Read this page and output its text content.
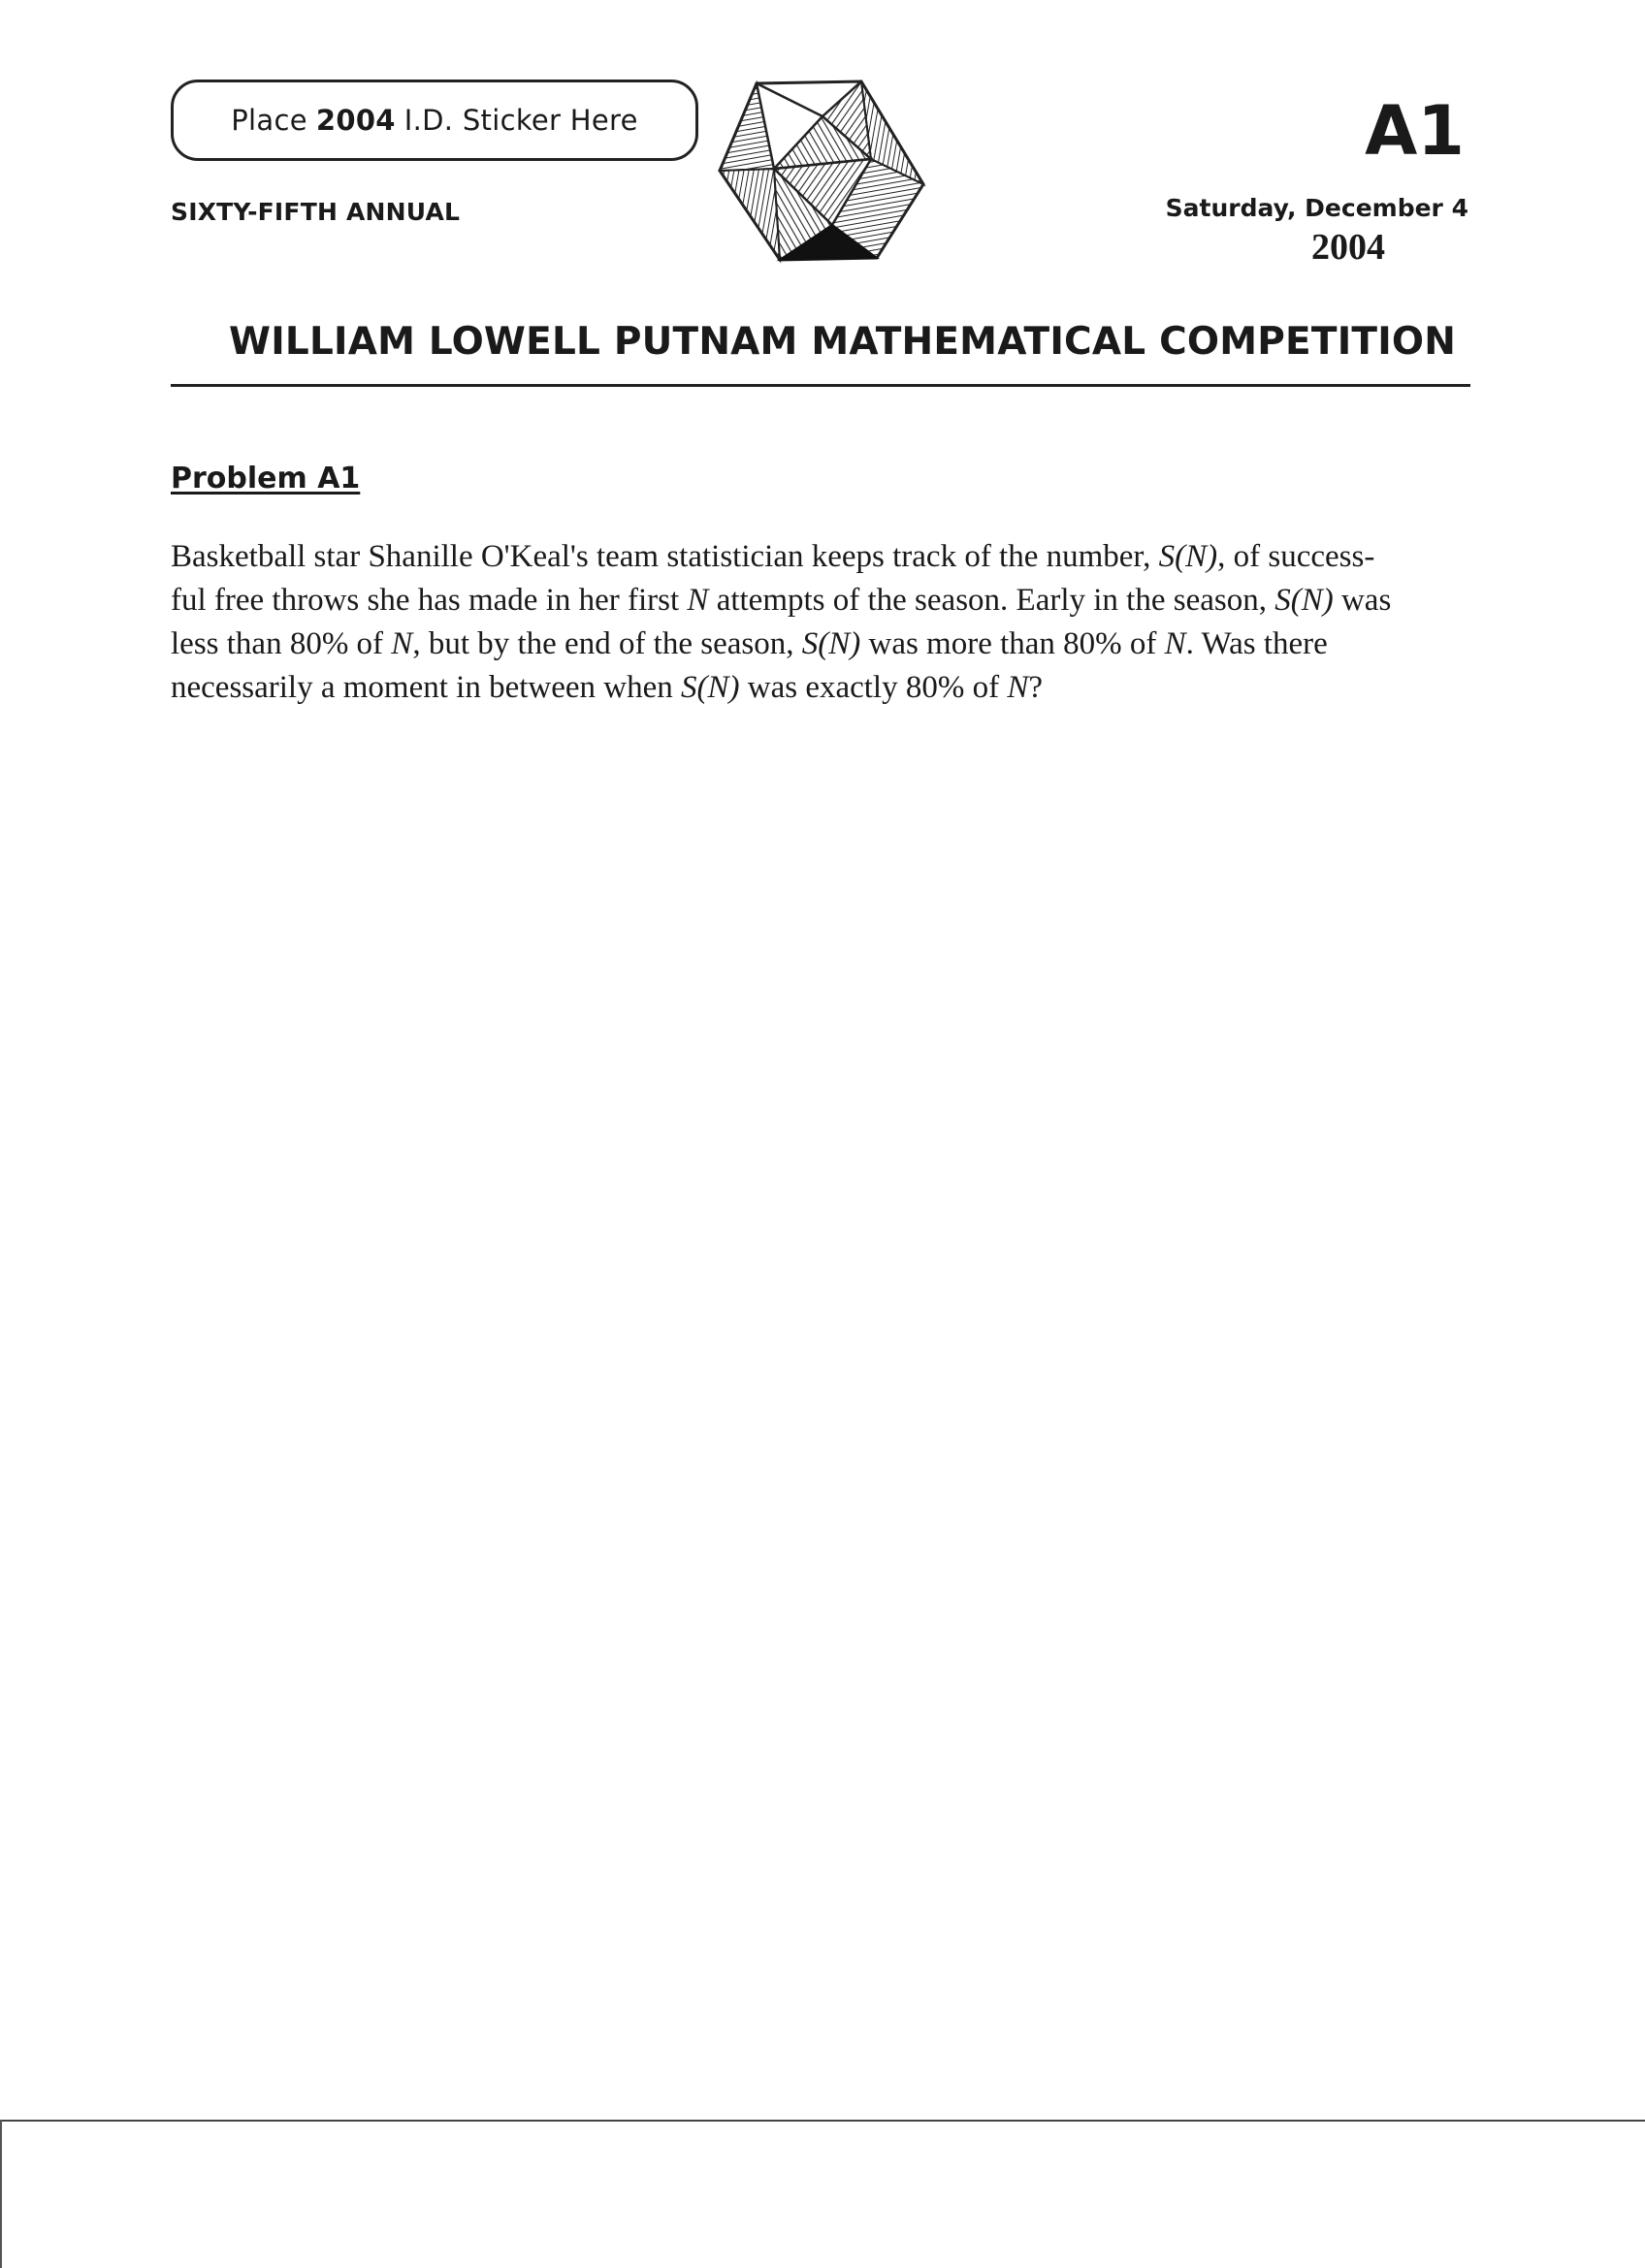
Place 2004 I.D. Sticker Here	A1
SIXTY-FIFTH ANNUAL	Saturday, December 4
2004
WILLIAM LOWELL PUTNAM MATHEMATICAL COMPETITION
Problem A1

Basketball star Shanille O'Keal's team statistician keeps track of the number, S(N), of success-
ful free throws she has made in her first N attempts of the season. Early in the season, S(N) was
less than 80% of N, but by the end of the season, S(N) was more than 80% of N. Was there
necessarily a moment in between when S(N) was exactly 80% of N?
